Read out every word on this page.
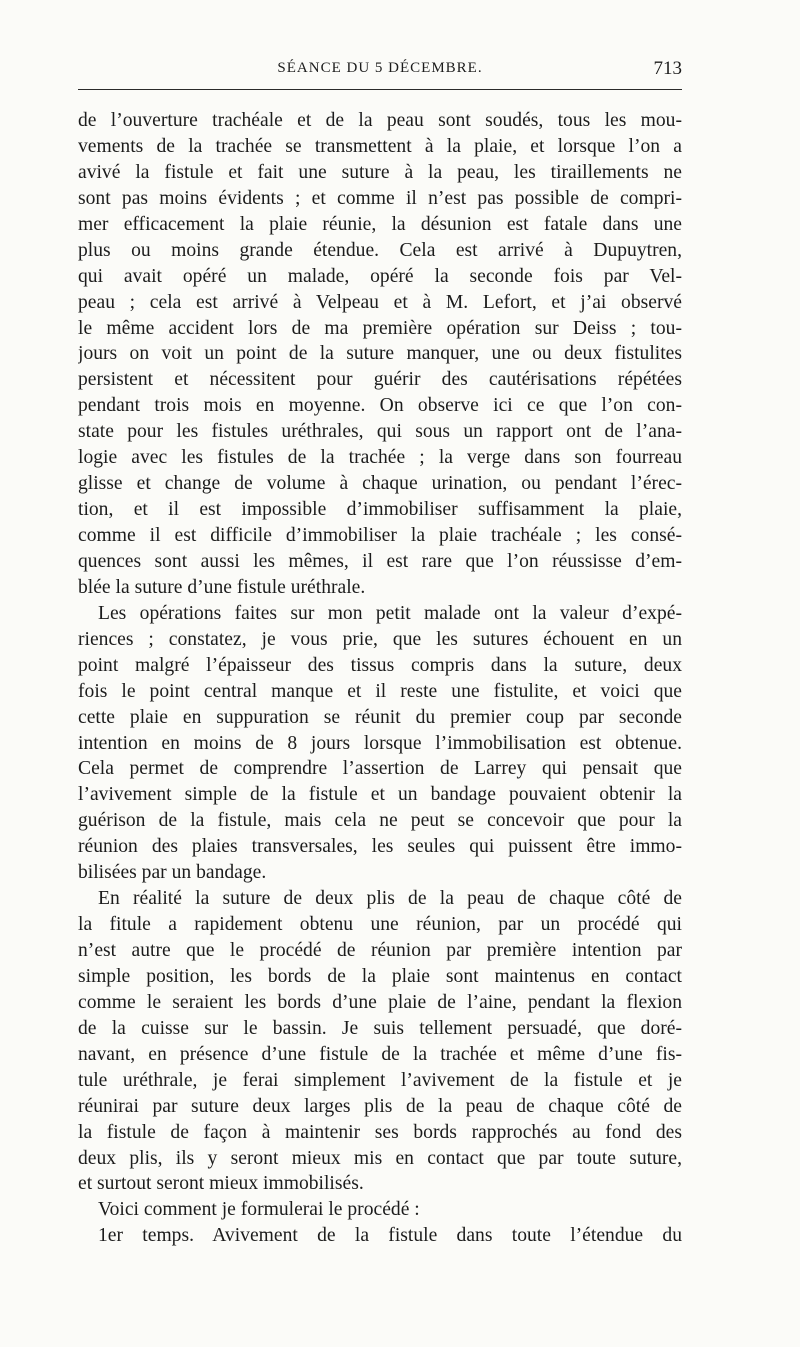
SÉANCE DU 5 DÉCEMBRE.	713
de l’ouverture trachéale et de la peau sont soudés, tous les mou-
vements de la trachée se transmettent à la plaie, et lorsque l’on a
avivé la fistule et fait une suture à la peau, les tiraillements ne
sont pas moins évidents ; et comme il n’est pas possible de compri-
mer efficacement la plaie réunie, la désunion est fatale dans une
plus ou moins grande étendue. Cela est arrivé à Dupuytren,
qui avait opéré un malade, opéré la seconde fois par Vel-
peau ; cela est arrivé à Velpeau et à M. Lefort, et j’ai observé
le même accident lors de ma première opération sur Deiss ; tou-
jours on voit un point de la suture manquer, une ou deux fistulites
persistent et nécessitent pour guérir des cautérisations répétées
pendant trois mois en moyenne. On observe ici ce que l’on con-
state pour les fistules uréthrales, qui sous un rapport ont de l’ana-
logie avec les fistules de la trachée ; la verge dans son fourreau
glisse et change de volume à chaque urination, ou pendant l’érec-
tion, et il est impossible d’immobiliser suffisamment la plaie,
comme il est difficile d’immobiliser la plaie trachéale ; les consé-
quences sont aussi les mêmes, il est rare que l’on réussisse d’em-
blée la suture d’une fistule uréthrale.
Les opérations faites sur mon petit malade ont la valeur d’expé-
riences ; constatez, je vous prie, que les sutures échouent en un
point malgré l’épaisseur des tissus compris dans la suture, deux
fois le point central manque et il reste une fistulite, et voici que
cette plaie en suppuration se réunit du premier coup par seconde
intention en moins de 8 jours lorsque l’immobilisation est obtenue.
Cela permet de comprendre l’assertion de Larrey qui pensait que
l’avivement simple de la fistule et un bandage pouvaient obtenir la
guérison de la fistule, mais cela ne peut se concevoir que pour la
réunion des plaies transversales, les seules qui puissent être immo-
bilisées par un bandage.
En réalité la suture de deux plis de la peau de chaque côté de
la fitule a rapidement obtenu une réunion, par un procédé qui
n’est autre que le procédé de réunion par première intention par
simple position, les bords de la plaie sont maintenus en contact
comme le seraient les bords d’une plaie de l’aine, pendant la flexion
de la cuisse sur le bassin. Je suis tellement persuadé, que doré-
navant, en présence d’une fistule de la trachée et même d’une fis-
tule uréthrale, je ferai simplement l’avivement de la fistule et je
réunirai par suture deux larges plis de la peau de chaque côté de
la fistule de façon à maintenir ses bords rapprochés au fond des
deux plis, ils y seront mieux mis en contact que par toute suture,
et surtout seront mieux immobilisés.
Voici comment je formulerai le procédé :
1er temps. Avivement de la fistule dans toute l’étendue du
